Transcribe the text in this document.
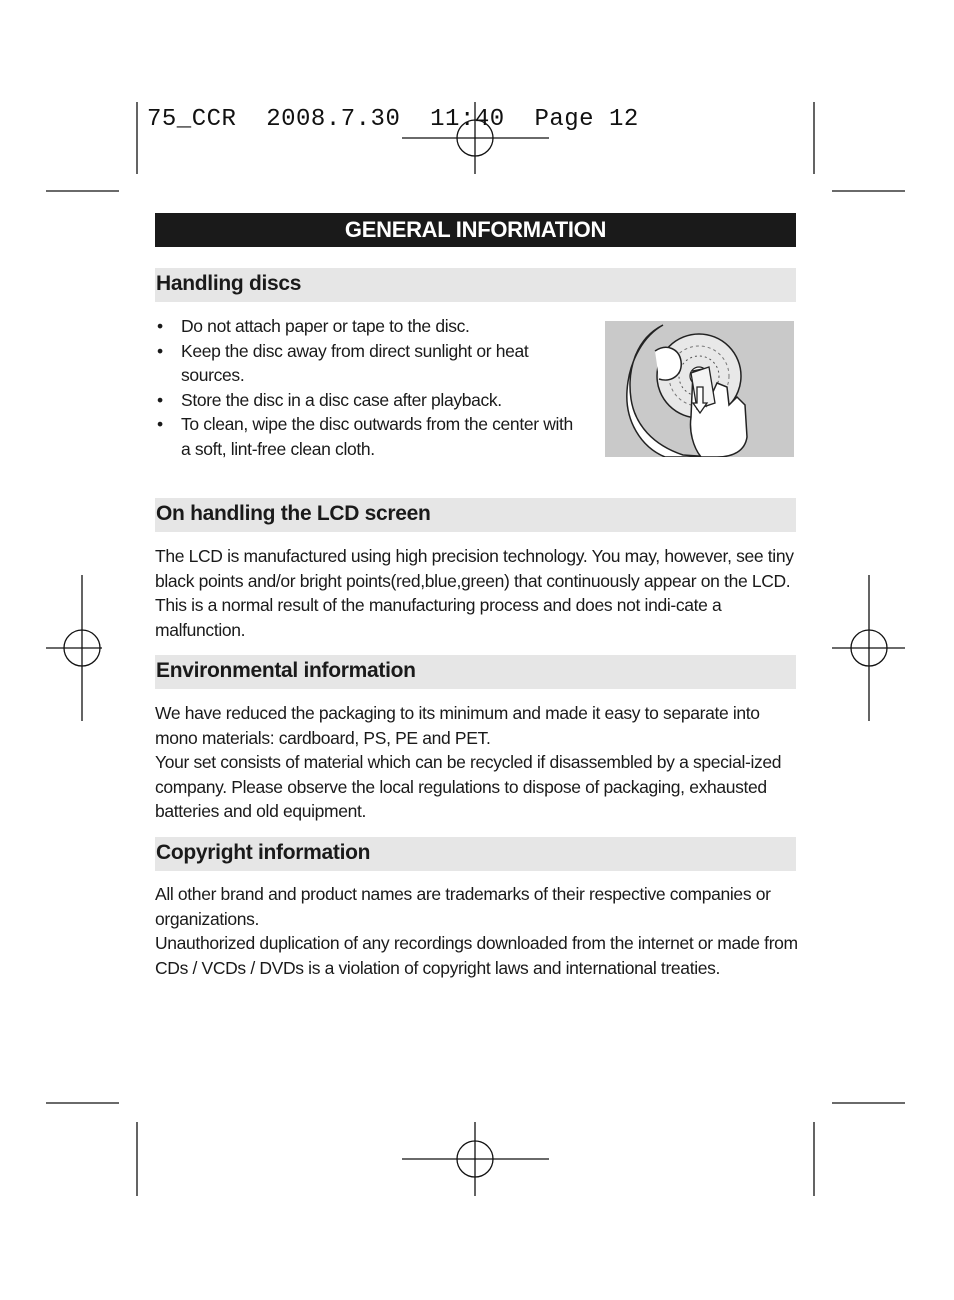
75_CCR  2008.7.30  11:40  Page 12
GENERAL INFORMATION
Handling discs
• Do not attach paper or tape to the disc.
• Keep the disc away from direct sunlight or heat sources.
• Store the disc in a disc case after playback.
• To clean, wipe the disc outwards from the center with a soft, lint-free clean cloth.
On handling the LCD screen

The LCD is manufactured using high precision technology. You may, however, see tiny black points and/or bright points(red,blue,green) that continuously appear on the LCD. This is a normal result of the manufacturing process and does not indi-cate a malfunction.

Environmental information

We have reduced the packaging to its minimum and made it easy to separate into mono materials: cardboard, PS, PE and PET.

Your set consists of material which can be recycled if disassembled by a special-ized company. Please observe the local regulations to dispose of packaging, exhausted batteries and old equipment.

Copyright information

All other brand and product names are trademarks of their respective companies or organizations.

Unauthorized duplication of any recordings downloaded from the internet or made from CDs / VCDs / DVDs is a violation of copyright laws and international treaties.
